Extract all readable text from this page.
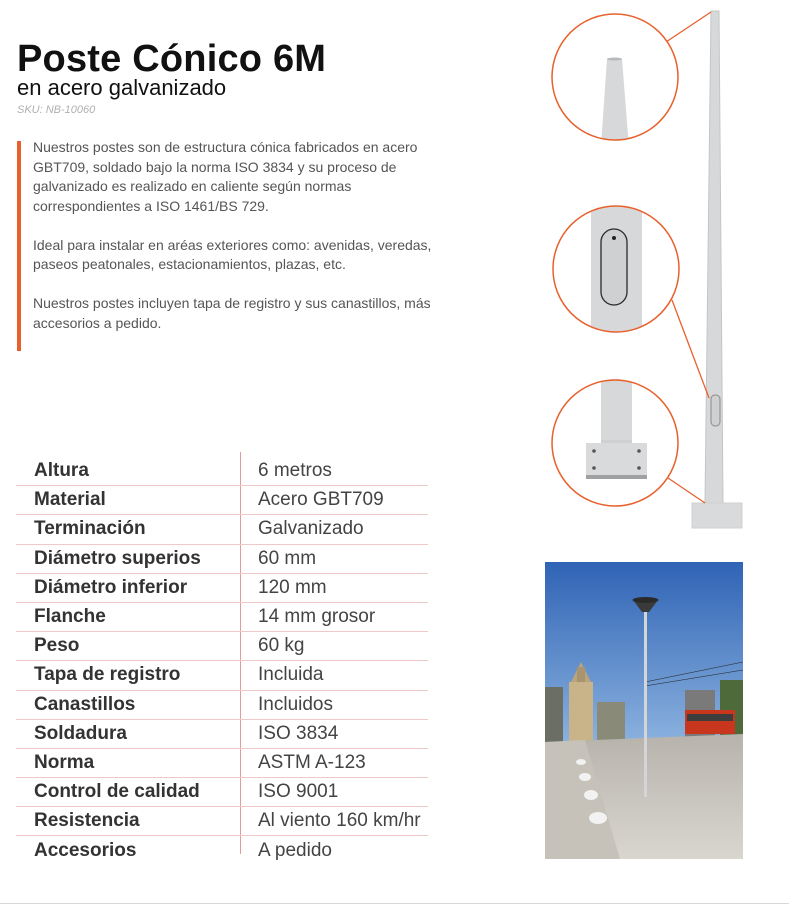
Poste Cónico 6M
en acero galvanizado
SKU: NB-10060

Nuestros postes son de estructura cónica fabricados en acero GBT709, soldado bajo la norma ISO 3834 y su proceso de galvanizado es realizado en caliente según normas correspondientes a ISO 1461/BS 729.

Ideal para instalar en aréas exteriores como: avenidas, veredas, paseos peatonales, estacionamientos, plazas, etc.

Nuestros postes incluyen tapa de registro y sus canastillos, más accesorios a pedido.

Altura	6 metros
Material	Acero GBT709
Terminación	Galvanizado
Diámetro superios	60 mm
Diámetro inferior	120 mm
Flanche	14 mm grosor
Peso	60 kg
Tapa de registro	Incluida
Canastillos	Incluidos
Soldadura	ISO 3834
Norma	ASTM A-123
Control de calidad	ISO 9001
Resistencia	Al viento 160 km/hr
Accesorios	A pedido
